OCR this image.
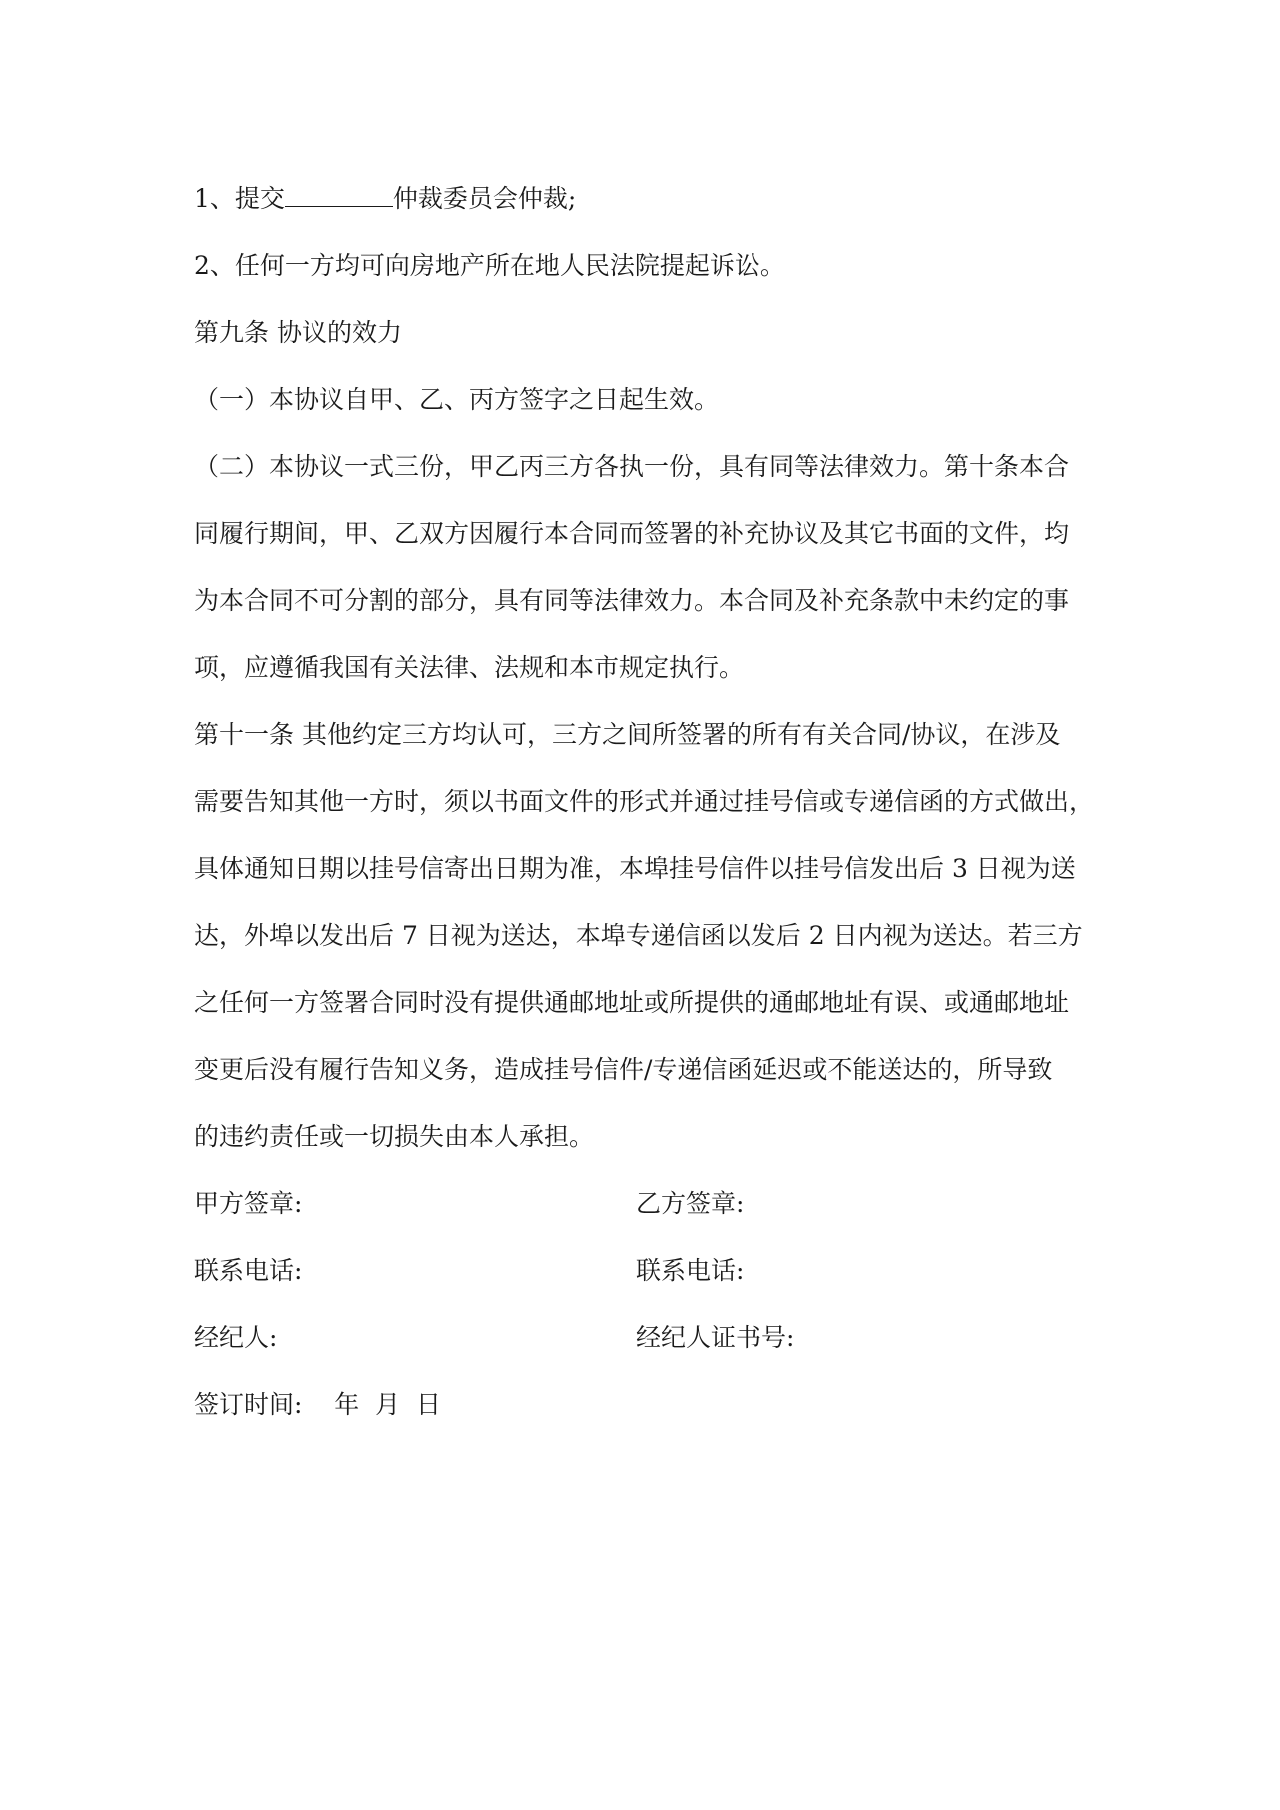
1、提交	仲裁委员会仲裁;

2、任何一方均可向房地产所在地人民法院提起诉讼。

第九条 协议的效力

（一）本协议自甲、乙、丙方签字之日起生效。

（二）本协议一式三份，甲乙丙三方各执一份，具有同等法律效力。第十条本合

同履行期间，甲、乙双方因履行本合同而签署的补充协议及其它书面的文件，均

为本合同不可分割的部分，具有同等法律效力。本合同及补充条款中未约定的事

项，应遵循我国有关法律、法规和本市规定执行。

第十一条 其他约定三方均认可，三方之间所签署的所有有关合同/协议，在涉及

需要告知其他一方时，须以书面文件的形式并通过挂号信或专递信函的方式做出，

具体通知日期以挂号信寄出日期为准，本埠挂号信件以挂号信发出后 3 日视为送

达，外埠以发出后 7 日视为送达，本埠专递信函以发后 2 日内视为送达。若三方

之任何一方签署合同时没有提供通邮地址或所提供的通邮地址有误、或通邮地址

变更后没有履行告知义务，造成挂号信件/专递信函延迟或不能送达的，所导致

的违约责任或一切损失由本人承担。

甲方签章:	乙方签章:
联系电话:	联系电话:
经纪人:	经纪人证书号:
签订时间:    年  月  日
